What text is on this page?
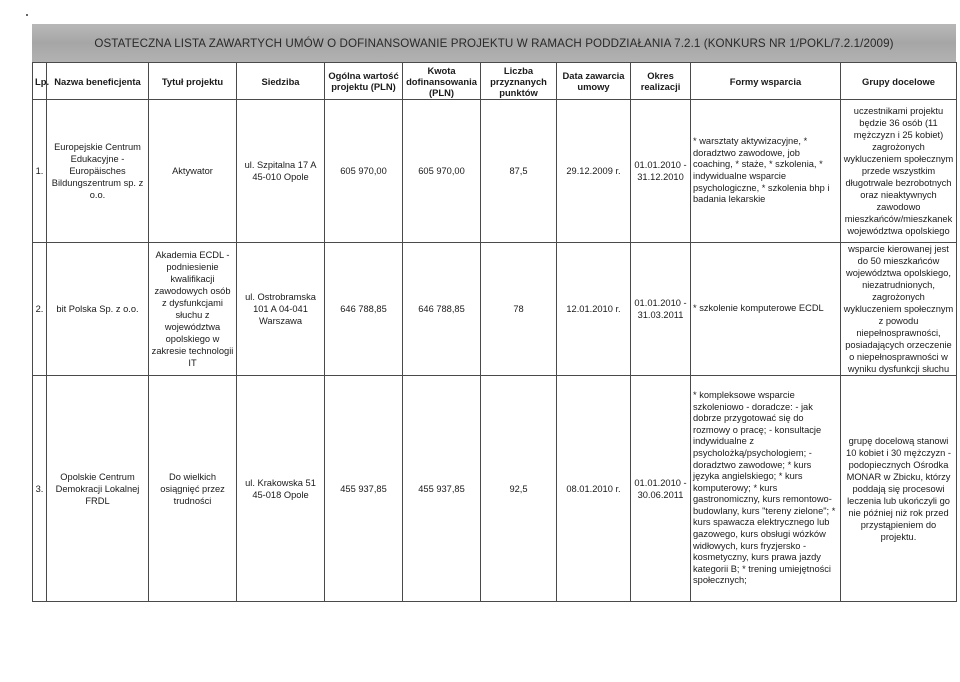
OSTATECZNA LISTA ZAWARTYCH UMÓW O DOFINANSOWANIE PROJEKTU W RAMACH PODDZIAŁANIA 7.2.1 (KONKURS NR 1/POKL/7.2.1/2009)
Lp.	Nazwa beneficjenta	Tytuł projektu	Siedziba	Ogólna wartość projektu (PLN)	Kwota dofinansowania (PLN)	Liczba przyznanych punktów	Data zawarcia umowy	Okres realizacji	Formy wsparcia	Grupy docelowe
1.	Europejskie Centrum Edukacyjne - Europäisches Bildungszentrum sp. z o.o.	Aktywator	ul. Szpitalna 17 A 45-010 Opole	605 970,00	605 970,00	87,5	29.12.2009 r.	01.01.2010 - 31.12.2010	* warsztaty aktywizacyjne, * doradztwo zawodowe, job coaching, * staże, * szkolenia, * indywidualne wsparcie psychologiczne, * szkolenia bhp i badania lekarskie	uczestnikami projektu będzie 36 osób (11 mężczyzn i 25 kobiet) zagrożonych wykluczeniem społecznym przede wszystkim długotrwale bezrobotnych oraz nieaktywnych zawodowo mieszkańców/mieszkanek województwa opolskiego
2.	bit Polska Sp. z o.o.	Akademia ECDL - podniesienie kwalifikacji zawodowych osób z dysfunkcjami słuchu z województwa opolskiego w zakresie technologii IT	ul. Ostrobramska 101 A 04-041 Warszawa	646 788,85	646 788,85	78	12.01.2010 r.	01.01.2010 - 31.03.2011	* szkolenie komputerowe ECDL	wsparcie kierowanej jest do 50 mieszkańców województwa opolskiego, niezatrudnionych, zagrożonych wykluczeniem społecznym z powodu niepełnosprawności, posiadających orzeczenie o niepełnosprawności w wyniku dysfunkcji słuchu
3.	Opolskie Centrum Demokracji Lokalnej FRDL	Do wielkich osiągnięć przez trudności	ul. Krakowska 51 45-018 Opole	455 937,85	455 937,85	92,5	08.01.2010 r.	01.01.2010 - 30.06.2011	* kompleksowe wsparcie szkoleniowo - doradcze: - jak dobrze przygotować się do rozmowy o pracę; - konsultacje indywidualne z psycholożką/psychologiem; - doradztwo zawodowe; * kurs języka angielskiego; * kurs komputerowy; * kurs gastronomiczny, kurs remontowo-budowlany, kurs "tereny zielone"; * kurs spawacza elektrycznego lub gazowego, kurs obsługi wózków widłowych, kurs fryzjersko - kosmetyczny, kurs prawa jazdy kategorii B; * trening umiejętności społecznych;	grupę docelową stanowi 10 kobiet i 30 mężczyzn - podopiecznych Ośrodka MONAR w Zbicku, którzy poddają się procesowi leczenia lub ukończyli go nie później niż rok przed przystąpieniem do projektu.
